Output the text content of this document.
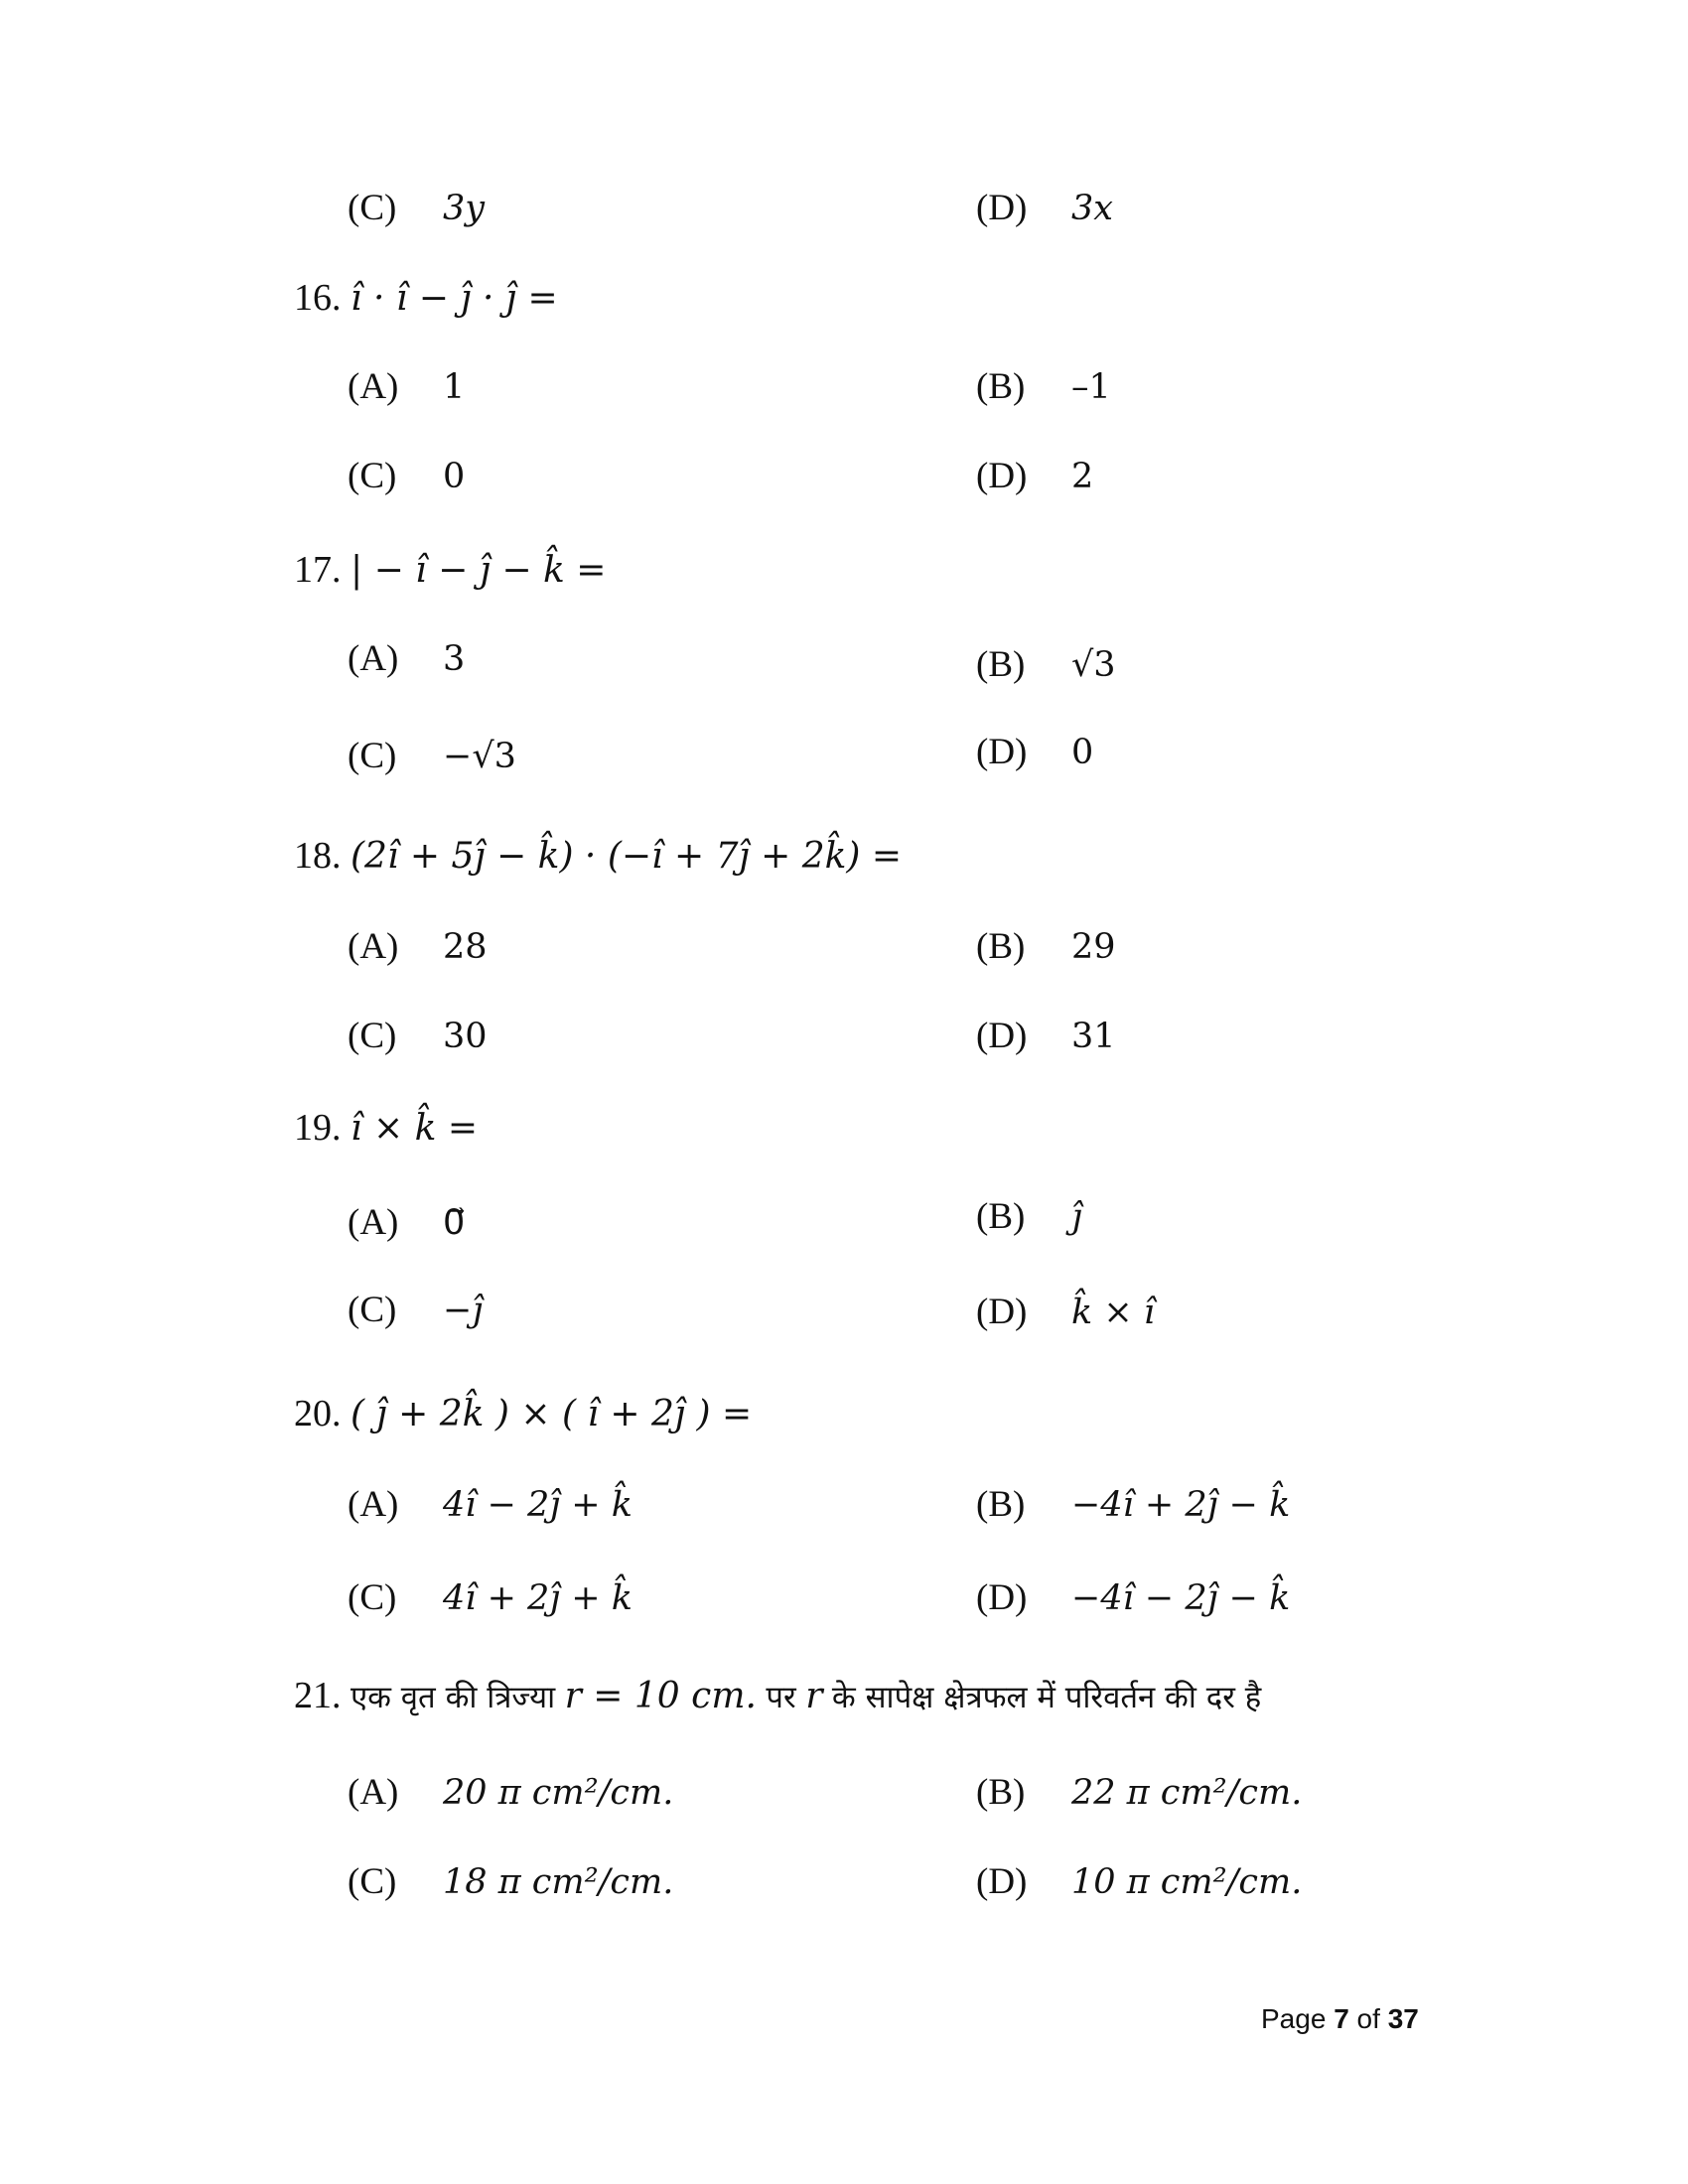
(C) 3y	(D) 3x
16. î · î − ĵ · ĵ =
(A) 1	(B) –1
(C) 0	(D) 2
17. | − î − ĵ − k̂ =
(A) 3	(B) √3
(C) −√3	(D) 0
18. (2î + 5ĵ − k̂) · (−î + 7ĵ + 2k̂) =
(A) 28	(B) 29
(C) 30	(D) 31
19. î × k̂ =
(A) 0⃗	(B) ĵ
(C) −ĵ	(D) k̂ × î
20. ( ĵ + 2k̂ ) × ( î + 2ĵ ) =
(A) 4î − 2ĵ + k̂	(B) −4î + 2ĵ − k̂
(C) 4î + 2ĵ + k̂	(D) −4î − 2ĵ − k̂
21. एक वृत की त्रिज्या r = 10 cm. पर r के सापेक्ष क्षेत्रफल में परिवर्तन की दर है
(A) 20 π cm²/cm.	(B) 22 π cm²/cm.
(C) 18 π cm²/cm.	(D) 10 π cm²/cm.
Page 7 of 37
